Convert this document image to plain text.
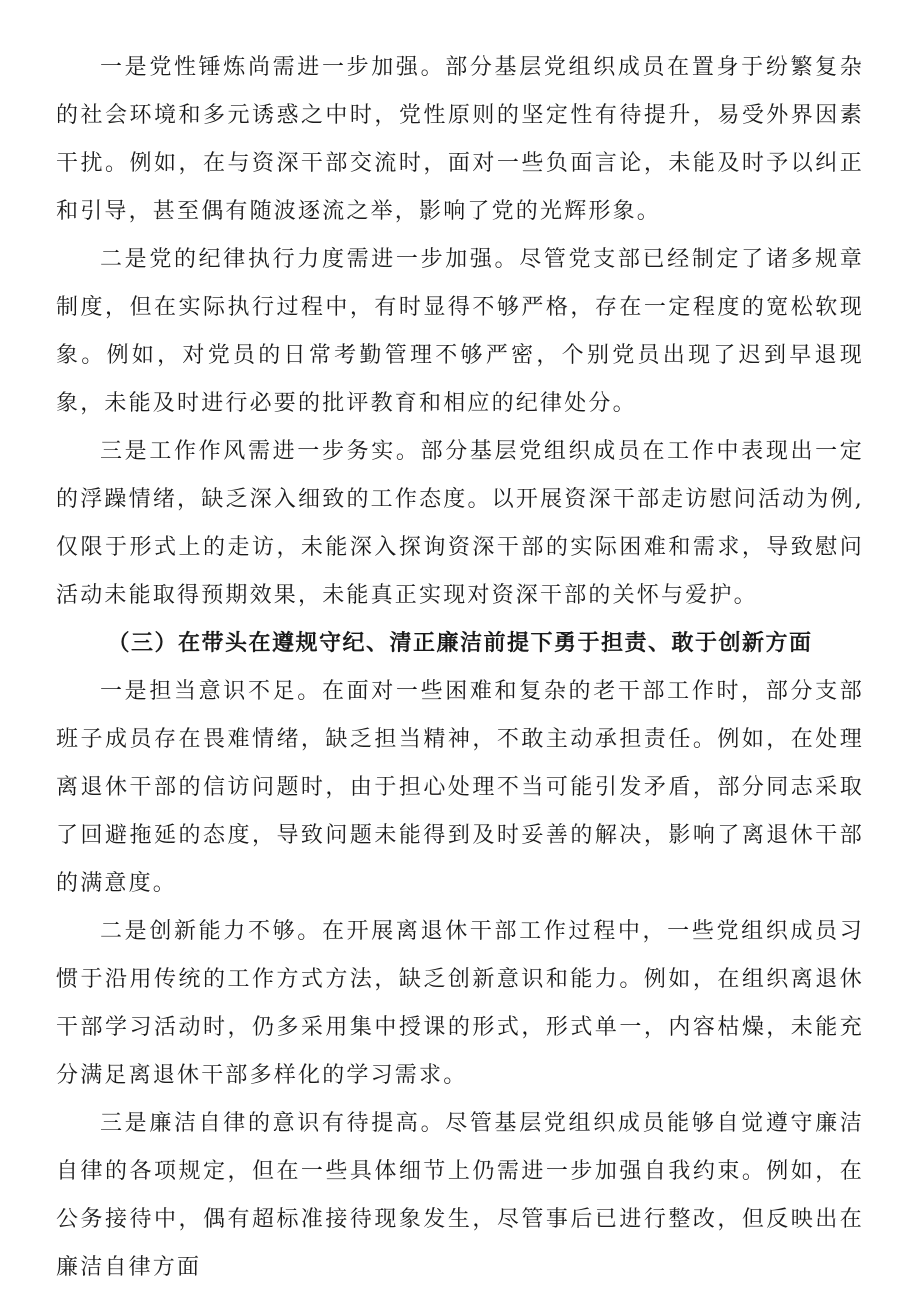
一是党性锤炼尚需进一步加强。部分基层党组织成员在置身于纷繁复杂的社会环境和多元诱惑之中时，党性原则的坚定性有待提升，易受外界因素干扰。例如，在与资深干部交流时，面对一些负面言论，未能及时予以纠正和引导，甚至偶有随波逐流之举，影响了党的光辉形象。

二是党的纪律执行力度需进一步加强。尽管党支部已经制定了诸多规章制度，但在实际执行过程中，有时显得不够严格，存在一定程度的宽松软现象。例如，对党员的日常考勤管理不够严密，个别党员出现了迟到早退现象，未能及时进行必要的批评教育和相应的纪律处分。

三是工作作风需进一步务实。部分基层党组织成员在工作中表现出一定的浮躁情绪，缺乏深入细致的工作态度。以开展资深干部走访慰问活动为例,仅限于形式上的走访，未能深入探询资深干部的实际困难和需求，导致慰问活动未能取得预期效果，未能真正实现对资深干部的关怀与爱护。

（三）在带头在遵规守纪、清正廉洁前提下勇于担责、敢于创新方面

一是担当意识不足。在面对一些困难和复杂的老干部工作时，部分支部班子成员存在畏难情绪，缺乏担当精神，不敢主动承担责任。例如，在处理离退休干部的信访问题时，由于担心处理不当可能引发矛盾，部分同志采取了回避拖延的态度，导致问题未能得到及时妥善的解决，影响了离退休干部的满意度。

二是创新能力不够。在开展离退休干部工作过程中，一些党组织成员习惯于沿用传统的工作方式方法，缺乏创新意识和能力。例如，在组织离退休干部学习活动时，仍多采用集中授课的形式，形式单一，内容枯燥，未能充分满足离退休干部多样化的学习需求。

三是廉洁自律的意识有待提高。尽管基层党组织成员能够自觉遵守廉洁自律的各项规定，但在一些具体细节上仍需进一步加强自我约束。例如，在公务接待中，偶有超标准接待现象发生，尽管事后已进行整改，但反映出在廉洁自律方面
